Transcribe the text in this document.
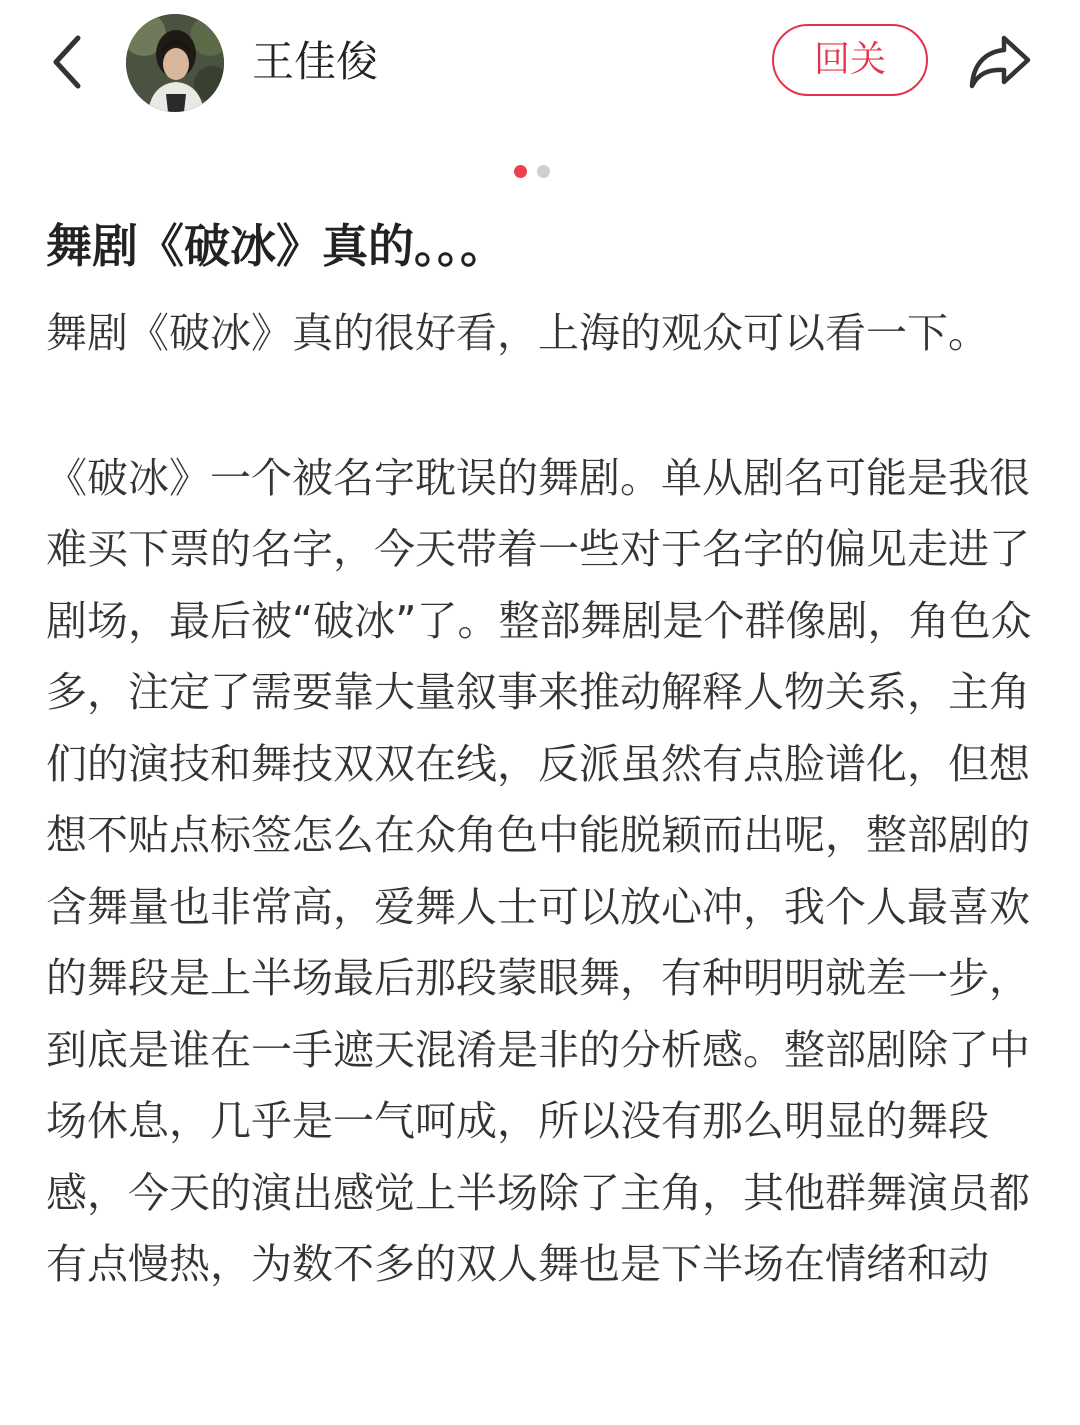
王佳俊	回关
舞剧《破冰》真的。。。

舞剧《破冰》真的很好看，上海的观众可以看一下。

《破冰》一个被名字耽误的舞剧。单从剧名可能是我很难买下票的名字，今天带着一些对于名字的偏见走进了剧场，最后被“破冰”了。整部舞剧是个群像剧，角色众多，注定了需要靠大量叙事来推动解释人物关系，主角们的演技和舞技双双在线，反派虽然有点脸谱化，但想想不贴点标签怎么在众角色中能脱颖而出呢，整部剧的含舞量也非常高，爱舞人士可以放心冲，我个人最喜欢的舞段是上半场最后那段蒙眼舞，有种明明就差一步，到底是谁在一手遮天混淆是非的分析感。整部剧除了中场休息，几乎是一气呵成，所以没有那么明显的舞段感，今天的演出感觉上半场除了主角，其他群舞演员都有点慢热，为数不多的双人舞也是下半场在情绪和动
